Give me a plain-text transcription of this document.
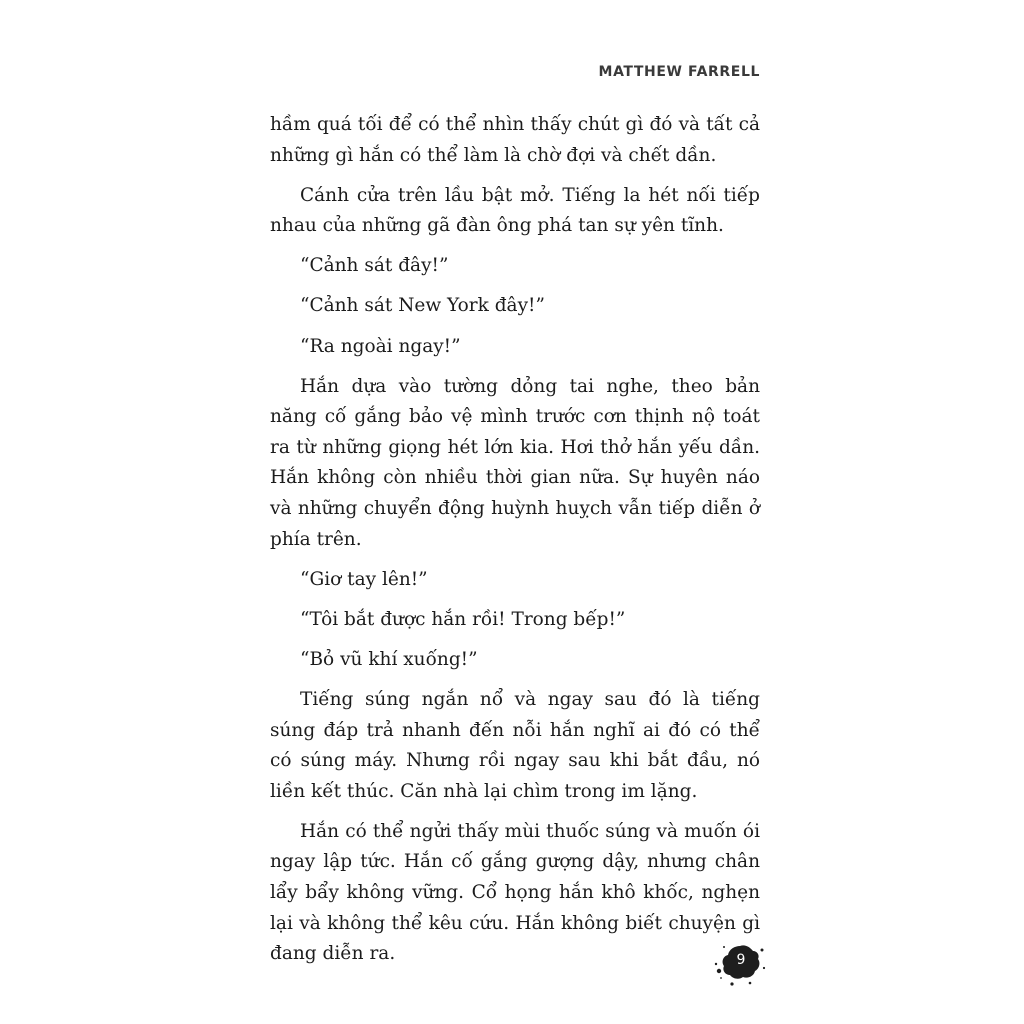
MATTHEW FARRELL

hầm quá tối để có thể nhìn thấy chút gì đó và tất cả những gì hắn có thể làm là chờ đợi và chết dần.

Cánh cửa trên lầu bật mở. Tiếng la hét nối tiếp nhau của những gã đàn ông phá tan sự yên tĩnh.

“Cảnh sát đây!”

“Cảnh sát New York đây!”

“Ra ngoài ngay!”

Hắn dựa vào tường dỏng tai nghe, theo bản năng cố gắng bảo vệ mình trước cơn thịnh nộ toát ra từ những giọng hét lớn kia. Hơi thở hắn yếu dần. Hắn không còn nhiều thời gian nữa. Sự huyên náo và những chuyển động huỳnh huỵch vẫn tiếp diễn ở phía trên.

“Giơ tay lên!”

“Tôi bắt được hắn rồi! Trong bếp!”

“Bỏ vũ khí xuống!”

Tiếng súng ngắn nổ và ngay sau đó là tiếng súng đáp trả nhanh đến nỗi hắn nghĩ ai đó có thể có súng máy. Nhưng rồi ngay sau khi bắt đầu, nó liền kết thúc. Căn nhà lại chìm trong im lặng.

Hắn có thể ngửi thấy mùi thuốc súng và muốn ói ngay lập tức. Hắn cố gắng gượng dậy, nhưng chân lẩy bẩy không vững. Cổ họng hắn khô khốc, nghẹn lại và không thể kêu cứu. Hắn không biết chuyện gì đang diễn ra.	9
